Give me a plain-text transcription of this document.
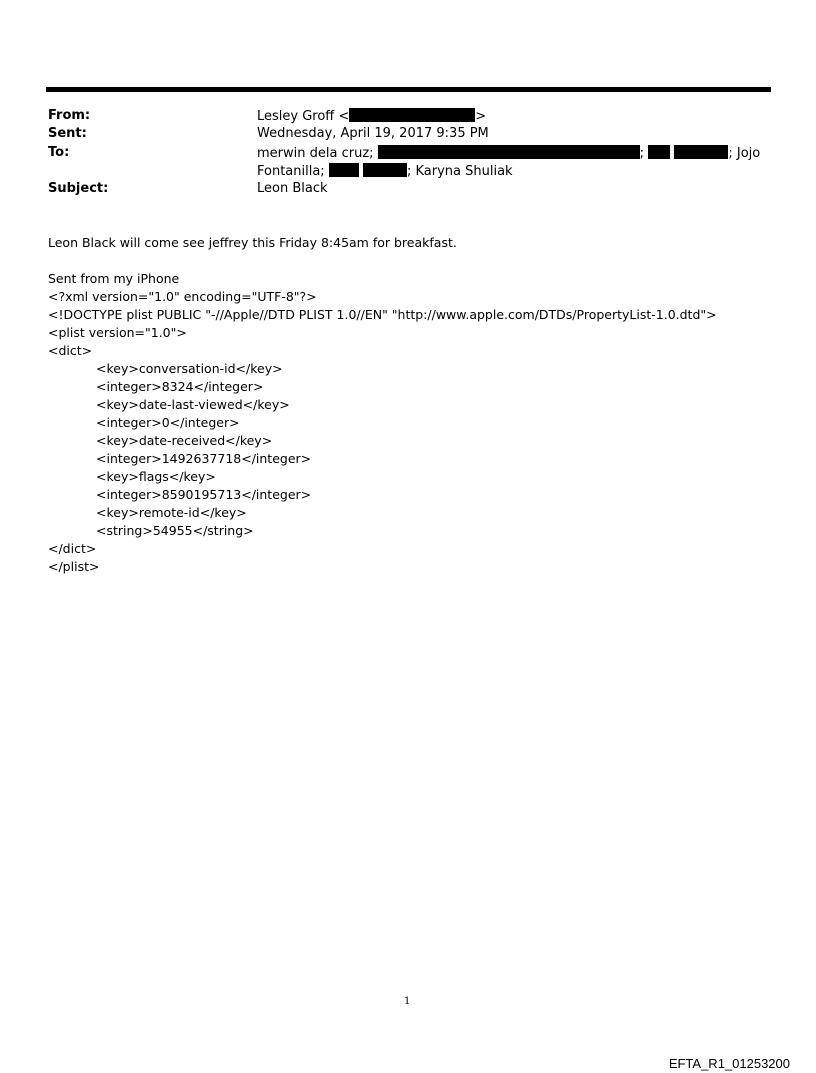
From:	Lesley Groff <	>
Sent:	Wednesday, April 19, 2017 9:35 PM
To:	merwin dela cruz;	;	; Jojo
Fontanilla;	; Karyna Shuliak
Subject:	Leon Black
Leon Black will come see jeffrey this Friday 8:45am for breakfast.
Sent from my iPhone
<?xml version="1.0" encoding="UTF-8"?>
<!DOCTYPE plist PUBLIC "-//Apple//DTD PLIST 1.0//EN" "http://www.apple.com/DTDs/PropertyList-1.0.dtd">
<plist version="1.0">
<dict>
<key>conversation-id</key>
<integer>8324</integer>
<key>date-last-viewed</key>
<integer>0</integer>
<key>date-received</key>
<integer>1492637718</integer>
<key>flags</key>
<integer>8590195713</integer>
<key>remote-id</key>
<string>54955</string>
</dict>
</plist>
1
EFTA_R1_01253200
